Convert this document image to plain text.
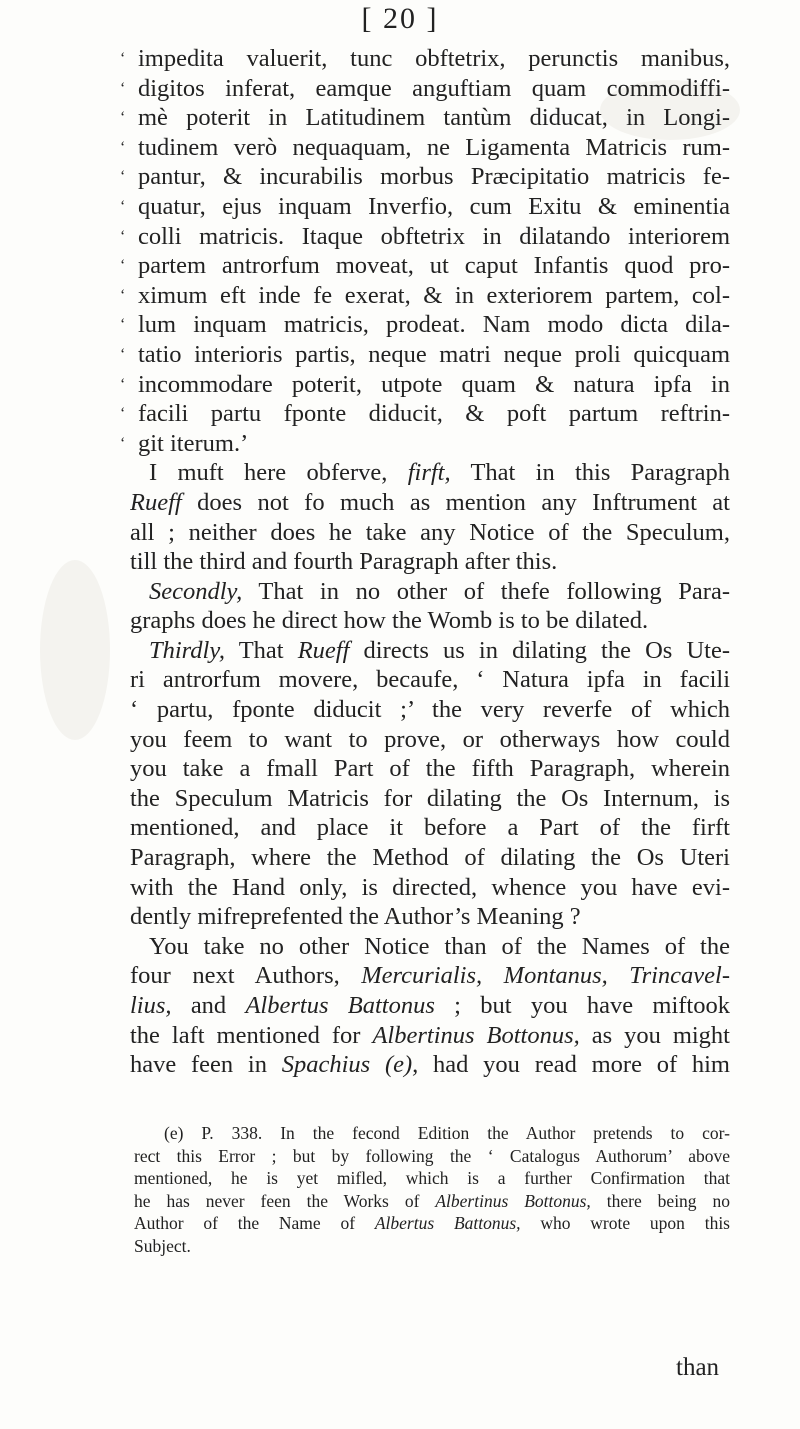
[ 20 ]
‘ impedita valuerit, tunc obftetrix, perunctis manibus,
‘ digitos inferat, eamque anguftiam quam commodiffi-
‘ mè poterit in Latitudinem tantùm diducat, in Longi-
‘ tudinem verò nequaquam, ne Ligamenta Matricis rum-
‘ pantur, & incurabilis morbus Præcipitatio matricis fe-
‘ quatur, ejus inquam Inverfio, cum Exitu & eminentia
‘ colli matricis. Itaque obftetrix in dilatando interiorem
‘ partem antrorfum moveat, ut caput Infantis quod pro-
‘ ximum eft inde fe exerat, & in exteriorem partem, col-
‘ lum inquam matricis, prodeat. Nam modo dicta dila-
‘ tatio interioris partis, neque matri neque proli quicquam
‘ incommodare poterit, utpote quam & natura ipfa in
‘ facili partu fponte diducit, & poft partum reftrin-
‘ git iterum.’
I muft here obferve, firft, That in this Paragraph
Rueff does not fo much as mention any Inftrument at
all ; neither does he take any Notice of the Speculum,
till the third and fourth Paragraph after this.
Secondly, That in no other of thefe following Para-
graphs does he direct how the Womb is to be dilated.
Thirdly, That Rueff directs us in dilating the Os Ute-
ri antrorfum movere, becaufe, ‘ Natura ipfa in facili
‘ partu, fponte diducit ;’ the very reverfe of which
you feem to want to prove, or otherways how could
you take a fmall Part of the fifth Paragraph, wherein
the Speculum Matricis for dilating the Os Internum, is
mentioned, and place it before a Part of the firft
Paragraph, where the Method of dilating the Os Uteri
with the Hand only, is directed, whence you have evi-
dently mifreprefented the Author’s Meaning ?
You take no other Notice than of the Names of the
four next Authors, Mercurialis, Montanus, Trincavel-
lius, and Albertus Battonus ; but you have miftook
the laft mentioned for Albertinus Bottonus, as you might
have feen in Spachius (e), had you read more of him
(e) P. 338. In the fecond Edition the Author pretends to cor-
rect this Error ; but by following the ‘ Catalogus Authorum’ above
mentioned, he is yet mifled, which is a further Confirmation that
he has never feen the Works of Albertinus Bottonus, there being no
Author of the Name of Albertus Battonus, who wrote upon this
Subject.
than
